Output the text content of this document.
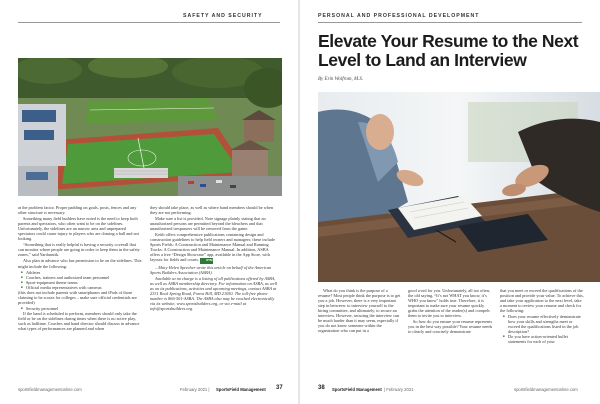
SAFETY AND SECURITY

at the problem factor. Proper padding on goals, posts, fences and any other structure is necessary.

Something many field builders have noted is the need to keep both parents and spectators, who often want to be on the sidelines. Unfortunately, the sidelines are an narrow area and unprepared spectators could cause injury to players who are chasing a ball and not looking.

“Something that is really helpful is having a security coverall that can monitor where people are going in order to keep them in the safety zones,” said Yardanstik.

Also plan in advance who has permission to be on the sidelines. This might include the following:

■ Athletes
■ Coaches, trainers and authorized team personnel
■ Sport-equipment theme teams
■ Official media representatives with cameras

(this does not include parents with smartphones and iPads of those claiming to be scouts for colleges – make sure official credentials are provided)

■ Security personnel

If the band is scheduled to perform, members should only take the field or be on the sidelines during times when there is no active play, such as halftime. Coaches and band director should discuss in advance what types of performances are planned and when

they should take place, as well as where band members should be when they are not performing.

Make sure a list is provided. Note signage plainly stating that no unauthorized persons are permitted beyond the bleachers and that unauthorized trespassers will be removed from the game.

Keith offers comprehensive publications containing design and construction guidelines to help field owners and managers; these include Sports Fields: A Construction and Maintenance Manual and Running Tracks: A Construction and Maintenance Manual. In addition, ASBA offers a free “Design Showcase” app, available in the App Store, with layouts for fields and courts. STM

– Mary Helen Sprecher wrote this article on behalf of the American Sports Builders Association (ASBA).

Available at no charge is a listing of all publications offered by ASBA, as well as ASBA membership directory. For information on ASBA, as well as on its publications, activities and upcoming meetings, contact ASBA at 2331 Rock Spring Road, Forest Hill, MD 21050. The toll-free phone number is 866-501-ASBA. The ASBA also may be reached electronically via its website, www.sportsbuilders.org, or via e-mail at info@sportsbuilders.org.

sportsfieldmanagementonline.com	February 2021 | SportsField Management 37
PERSONAL AND PROFESSIONAL DEVELOPMENT
Elevate Your Resume to the Next Level to Land an Interview
By Erin Wolfrom, M.S.

What do you think is the purpose of a resume? Most people think the purpose is to get you a job. However, there is a very important step in between: to interview yourself to the hiring committee, and ultimately, to secure an interview. However, securing the interview can be much harder than it may seem, especially if you do not know someone within the organization who can put in a

good word for you. Unfortunately, all too often, the old saying, “It’s not WHAT you know, it’s WHO you know” holds true. Therefore, it is important to make sure your resume quickly grabs the attention of the reader(s) and compels them to invite you to interview.

So how do you ensure your resume represents you in the best way possible? Your resume needs to clearly and concisely demonstrate

that you meet or exceed the qualifications of the position and provide your value. To achieve this, and take your application to the next level, take a moment to review your resume and check for the following:

■ Does your resume effectively demonstrate how your skills and strengths meet or exceed the qualifications listed in the job description?
■ Do you have action-oriented bullet statements for each of your
38 SportsField Management | February 2021	sportsfieldmanagementonline.com
